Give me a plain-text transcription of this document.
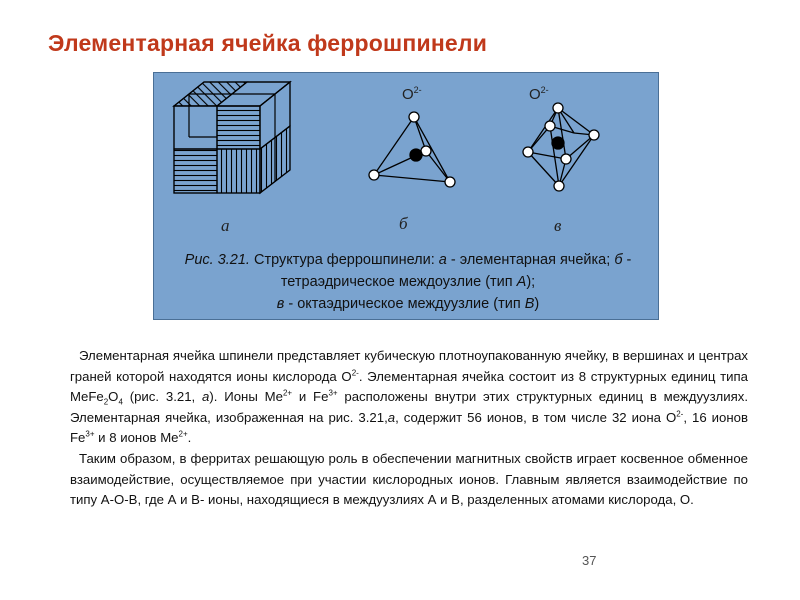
Элементарная ячейка феррошпинели
$O^{2-}$	$O^{2-}$
а	б	в
Рис. 3.21. Структура феррошпинели: а - элементарная ячейка; б - тетраэдрическое междоузлие (тип А);
в - октаэдрическое междуузлие (тип В)

Элементарная ячейка шпинели представляет кубическую плотноупакованную ячейку, в вершинах и центрах граней которой находятся ионы кислорода $O^{2-}$. Элементарная ячейка состоит из 8 структурных единиц типа $MeFe_2O_4$ (рис. 3.21, а). Ионы $Me^{2+}$ и $Fe^{3+}$ расположены внутри этих структурных единиц в междуузлиях. Элементарная ячейка, изображенная на рис. 3.21,а, содержит 56 ионов, в том числе 32 иона $O^{2-}$, 16 ионов $Fe^{3+}$ и 8 ионов $Me^{2+}$.

Таким образом, в ферритах решающую роль в обеспечении магнитных свойств играет косвенное обменное взаимодействие, осуществляемое при участии кислородных ионов. Главным является взаимодействие по типу А-О-В, где А и В- ионы, находящиеся в междуузлиях А и В, разделенных атомами кислорода, О.

37
